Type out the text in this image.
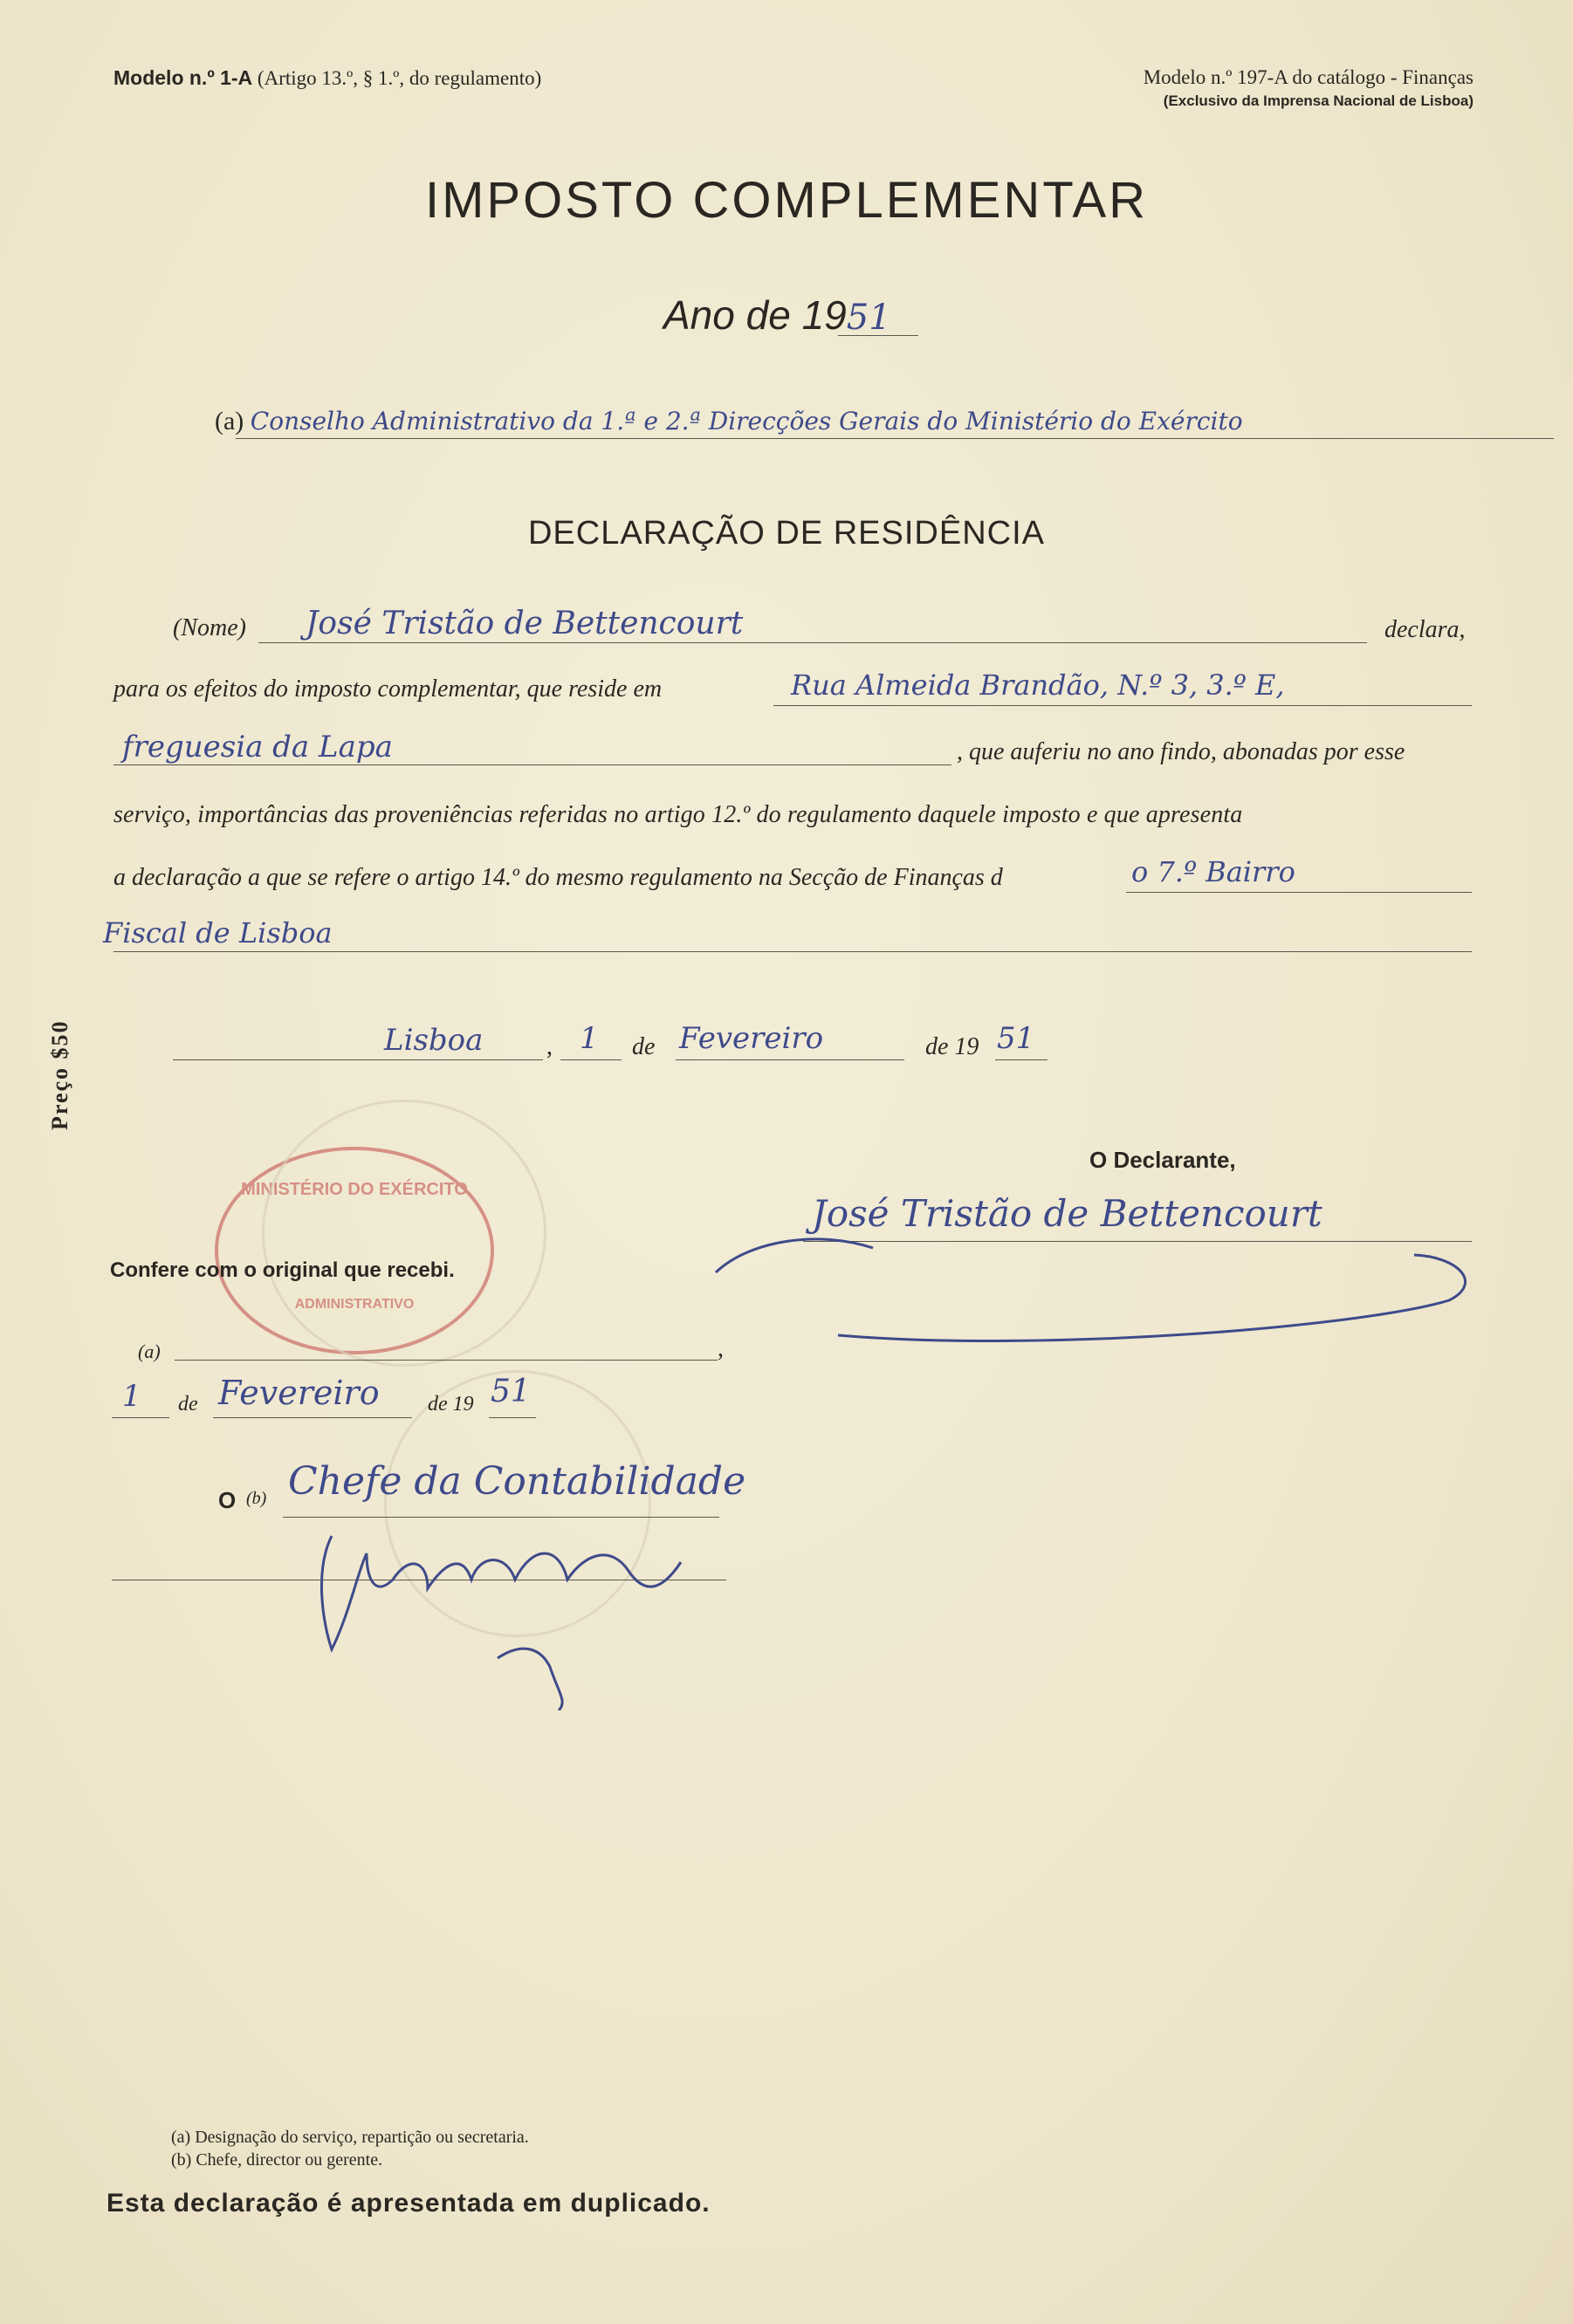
Modelo n.º 1-A (Artigo 13.º, § 1.º, do regulamento)	Modelo n.º 197-A do catálogo - Finanças
(Exclusivo da Imprensa Nacional de Lisboa)
IMPOSTO COMPLEMENTAR
Ano de 1951
(a) Conselho Administrativo da 1.ª e 2.ª Direcções Gerais do Ministério do Exército
DECLARAÇÃO DE RESIDÊNCIA
(Nome) José Tristão de Bettencourt	declara,
para os efeitos do imposto complementar, que reside em	Rua Almeida Brandão, N.º 3, 3.º E,
freguesia da Lapa	, que auferiu no ano findo, abonadas por esse
serviço, importâncias das proveniências referidas no artigo 12.º do regulamento daquele imposto e que apresenta
a declaração a que se refere o artigo 14.º do mesmo regulamento na Secção de Finanças d	o 7.º Bairro
Fiscal de Lisboa
Lisboa	, 1 de Fevereiro	de 19 51
Preço $50
O Declarante,
José Tristão de Bettencourt
MINISTÉRIO DO EXÉRCITO
ADMINISTRATIVO
Confere com o original que recebi.
(a)	,
1 de Fevereiro de 19 51
O (b) Chefe da Contabilidade
(a) Designação do serviço, repartição ou secretaria.
(b) Chefe, director ou gerente.
Esta declaração é apresentada em duplicado.
